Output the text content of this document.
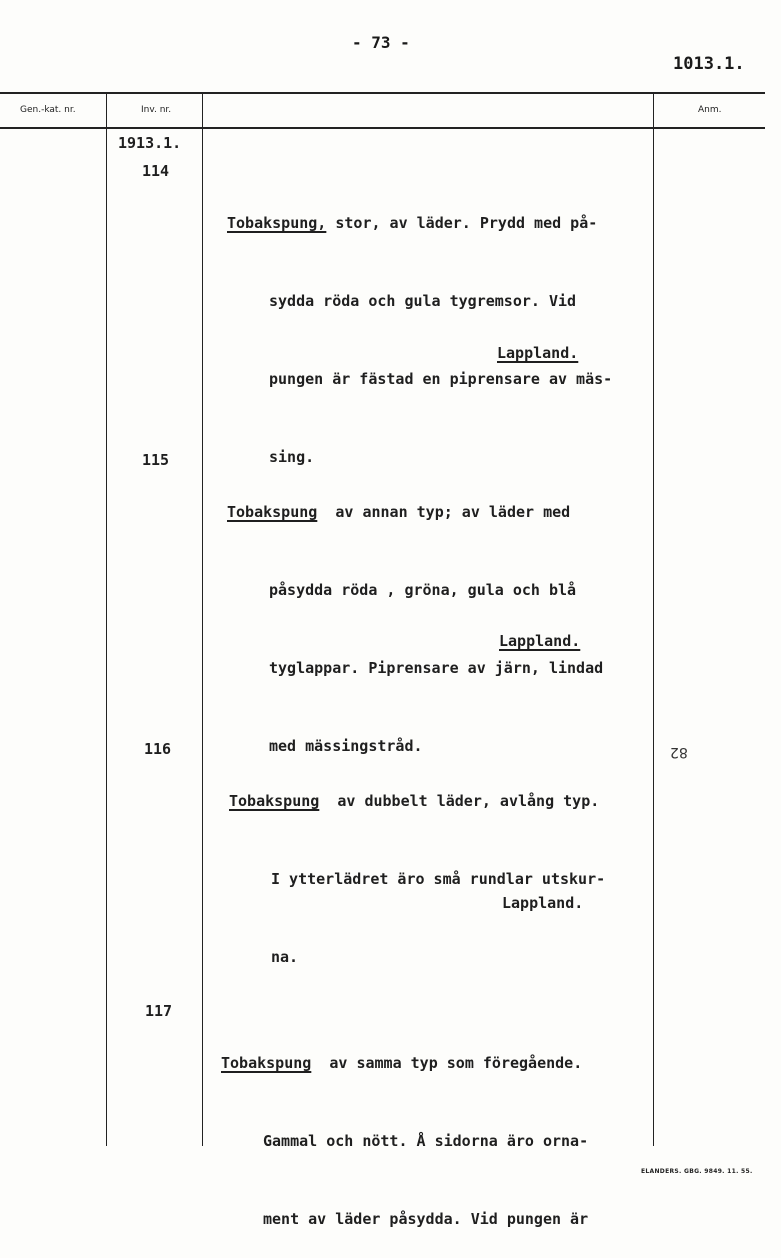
- 73 -
1013.1.
Gen.-kat. nr.	Inv. nr.	Anm.
1913.1.
114

Tobakspung, stor, av läder. Prydd med på-

sydda röda och gula tygremsor. Vid

pungen är fästad en piprensare av mäs-

sing.

Lappland.
115

Tobakspung  av annan typ; av läder med

påsydda röda , gröna, gula och blå

tyglappar. Piprensare av järn, lindad

med mässingstråd.

Lappland.
116

Tobakspung  av dubbelt läder, avlång typ.

I ytterlädret äro små rundlar utskur-

na.

82
Lappland.
117

Tobakspung  av samma typ som föregående.

Gammal och nött. Å sidorna äro orna-

ment av läder påsydda. Vid pungen är

ELANDERS. GBG. 9849. 11. 55.
